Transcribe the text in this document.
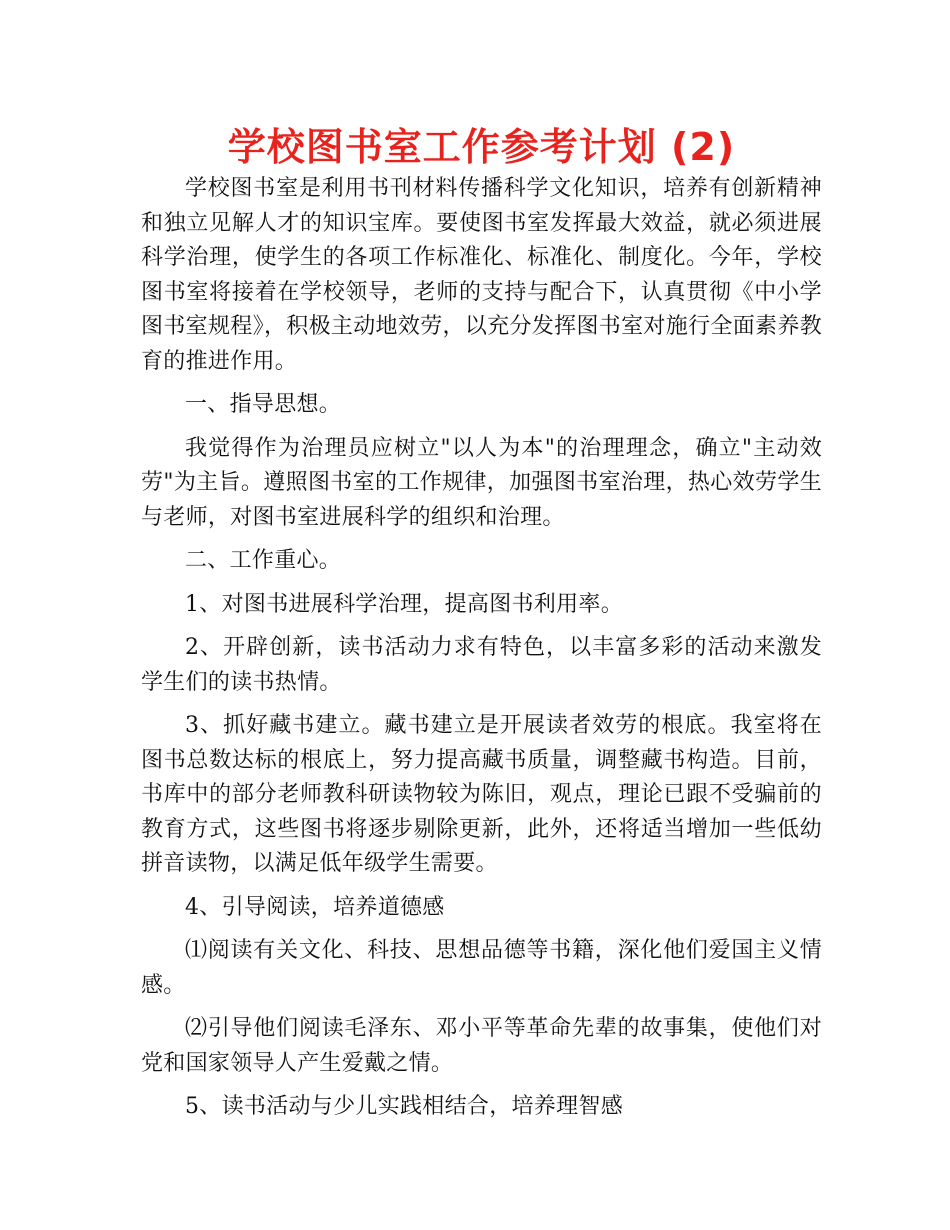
学校图书室工作参考计划 (2)

学校图书室是利用书刊材料传播科学文化知识，培养有创新精神和独立见解人才的知识宝库。要使图书室发挥最大效益，就必须进展科学治理，使学生的各项工作标准化、标准化、制度化。今年，学校图书室将接着在学校领导，老师的支持与配合下，认真贯彻《中小学图书室规程》，积极主动地效劳，以充分发挥图书室对施行全面素养教育的推进作用。

一、指导思想。

我觉得作为治理员应树立"以人为本"的治理理念，确立"主动效劳"为主旨。遵照图书室的工作规律，加强图书室治理，热心效劳学生与老师，对图书室进展科学的组织和治理。

二、工作重心。

1、对图书进展科学治理，提高图书利用率。

2、开辟创新，读书活动力求有特色，以丰富多彩的活动来激发学生们的读书热情。

3、抓好藏书建立。藏书建立是开展读者效劳的根底。我室将在图书总数达标的根底上，努力提高藏书质量，调整藏书构造。目前，书库中的部分老师教科研读物较为陈旧，观点，理论已跟不受骗前的教育方式，这些图书将逐步剔除更新，此外，还将适当增加一些低幼拼音读物，以满足低年级学生需要。

4、引导阅读，培养道德感

⑴阅读有关文化、科技、思想品德等书籍，深化他们爱国主义情感。

⑵引导他们阅读毛泽东、邓小平等革命先辈的故事集，使他们对党和国家领导人产生爱戴之情。

5、读书活动与少儿实践相结合，培养理智感
